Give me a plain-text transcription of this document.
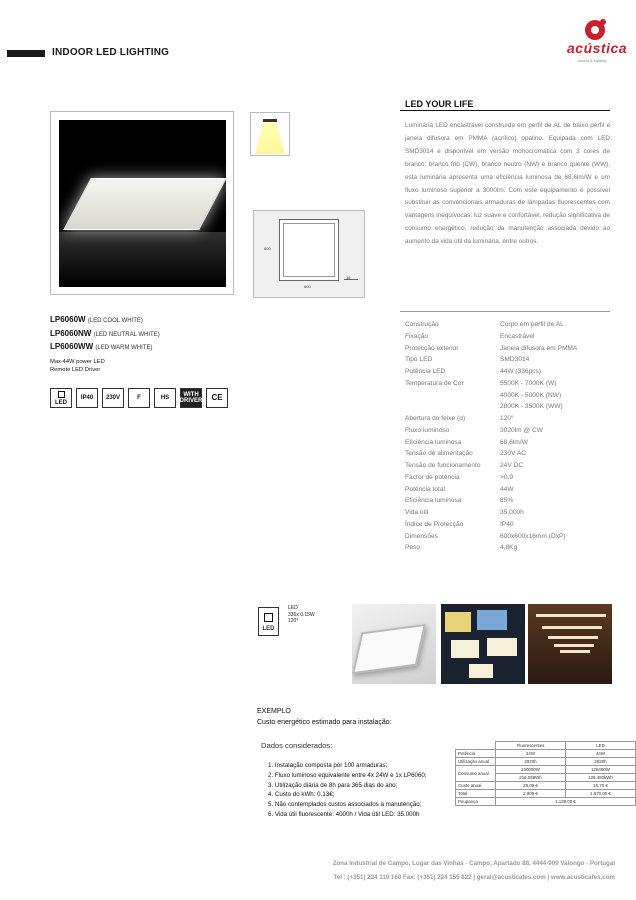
acústica
sound & lighting
INDOOR LED LIGHTING
600
600
16
LED YOUR LIFE
Luminária LED encastrável construída em perfil de AL de baixo perfil e janela difusora em PMMA (acrílico) opalino. Equipada com LED SMD3014 e disponível em versão monocromática com 3 cores de branco: branco frio (CW), branco neutro (NW) e branco quente (WW), esta luminária apresenta uma eficiência luminosa de 68,6lm/W e um fluxo luminoso superior a 3000lm. Com este equipamento é possível substituir as convencionais armaduras de lâmpadas fluorescentes com vantagens inequívocas: luz suave e confortável, redução significativa de consumo energético, redução da manutenção associada devido ao aumento da vida útil da luminária, entre outros.
LP6060W (LED COOL WHITE)
LP6060NW (LED NEUTRAL WHITE)
LP6060WW (LED WARM WHITE)
Max 44W power LED
Remote LED Driver
LED
IP40	230V	F	HS	WITH
DRIVER	CE
Construção	Corpo em perfil de AL
Fixação	Encastrável
Protecção exterior	Janela difusora em PMMA
Tipo LED	SMD3014
Potência LED	44W (336pcs)
Temperatura de Cor	5500K - 7000K (W)
4000K - 5000K (NW)
2800K - 3500K (WW)
Abertura do feixe (α)	120°
Fluxo luminoso	3020lm @ CW
Eficiência luminosa	68,6lm/W
Tensão de alimentação	230V AC
Tensão de funcionamento	24V DC
Factor de potência	>0.9
Potência total	44W
Eficiência luminosa	85%
Vida útil	35.000h
Índice de Protecção	IP40
Dimensões	600x600x16mm (DxP)
Peso	4,8Kg
LED
LED
336x 0.15W
120°
EXEMPLO
Custo energético estimado para instalação:
Dados considerados:
1. Instalação composta por 100 armaduras;
2. Fluxo luminoso equivalente entre 4x 24W e 1x LP6060;
3. Utilização diária de 8h para 365 dias do ano;
4. Custo do kWh: 0.13€;
5. Não contemplados custos associados a manutenção;
6. Vida útil fluorescente: 4000h / Vida útil LED: 35.000h
	Fluorescentes	LED
Potência	24W	44W
Utilização anual	2920h	2920h
Consumo anual	230000W	128480W
	216.088Wh	128.480kWh
Custo anual	28,09 €	16,70 €
Total	2.809 €	1.670,00 €
Poupança	1.139,00 €	
Zona Industrial de Campo, Lugar das Vinhas - Campo, Apartado 88, 4444-909 Valongo - Portugal
Tel : (+351) 224 119 160 Fax: (+351) 224 155 822 | geral@acusticafes.com | www.acusticafes.com
